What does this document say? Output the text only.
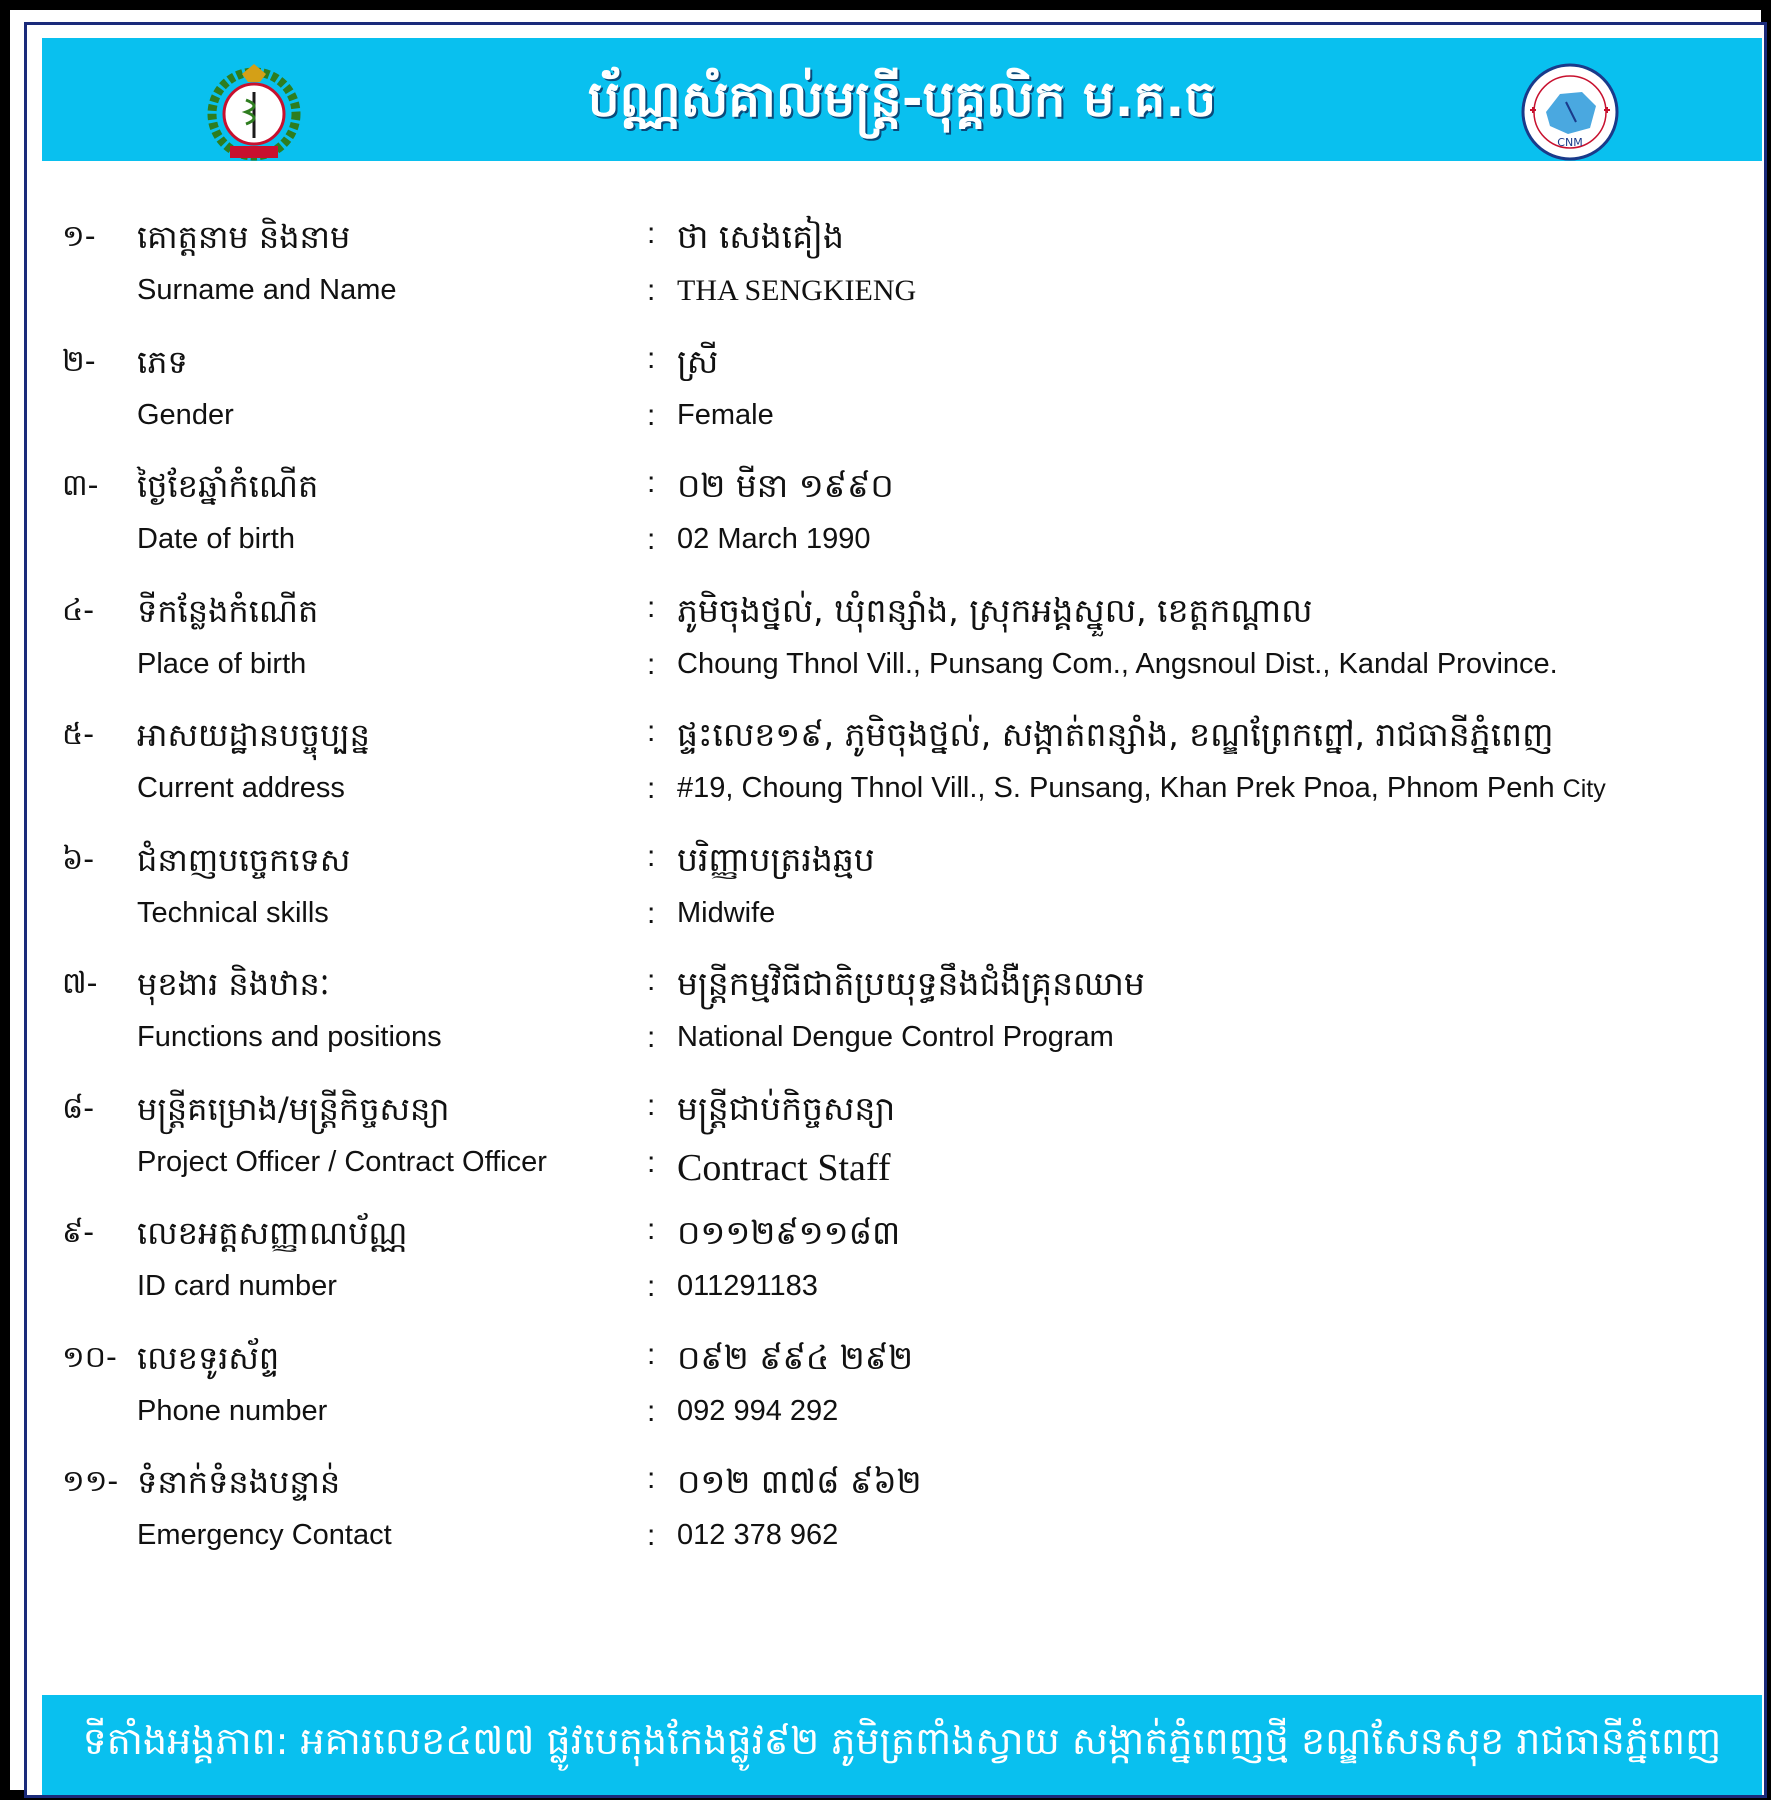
ប័ណ្ណសំគាល់មន្ត្រី-បុគ្គលិក ម.គ.ច
CNM
១- គោត្តនាម និងនាម	: ថា សេងគៀង
Surname and Name	: THA SENGKIENG
២- ភេទ	: ស្រី
Gender	: Female
៣- ថ្ងៃខែឆ្នាំកំណើត	: ០២ មីនា ១៩៩០
Date of birth	: 02 March 1990
៤- ទីកន្លែងកំណើត	: ភូមិចុងថ្នល់, ឃុំពន្សាំង, ស្រុកអង្គស្នួល, ខេត្តកណ្ដាល
Place of birth	: Choung Thnol Vill., Punsang Com., Angsnoul Dist., Kandal Province.
៥- អាសយដ្ឋានបច្ចុប្បន្ន	: ផ្ទះលេខ១៩, ភូមិចុងថ្នល់, សង្កាត់ពន្សាំង, ខណ្ឌព្រែកព្នៅ, រាជធានីភ្នំពេញ
Current address	: #19, Choung Thnol Vill., S. Punsang, Khan Prek Pnoa, Phnom Penh City
៦- ជំនាញបច្ចេកទេស	: បរិញ្ញាបត្ររងឆ្មប
Technical skills	: Midwife
៧- មុខងារ និងឋានៈ	: មន្ត្រីកម្មវិធីជាតិប្រយុទ្ធនឹងជំងឺគ្រុនឈាម
Functions and positions	: National Dengue Control Program
៨- មន្ត្រីគម្រោង/មន្ត្រីកិច្ចសន្យា	: មន្ត្រីជាប់កិច្ចសន្យា
Project Officer / Contract Officer	: Contract Staff
៩- លេខអត្តសញ្ញាណប័ណ្ណ	: ០១១២៩១១៨៣
ID card number	: 011291183
១០- លេខទូរស័ព្ទ	: ០៩២ ៩៩៤ ២៩២
Phone number	: 092 994 292
១១- ទំនាក់ទំនងបន្ទាន់	: ០១២ ៣៧៨ ៩៦២
Emergency Contact	: 012 378 962
ទីតាំងអង្គភាព: អគារលេខ៤៧៧ ផ្លូវបេតុងកែងផ្លូវ៩២ ភូមិត្រពាំងស្វាយ សង្កាត់ភ្នំពេញថ្មី ខណ្ឌសែនសុខ រាជធានីភ្នំពេញ
